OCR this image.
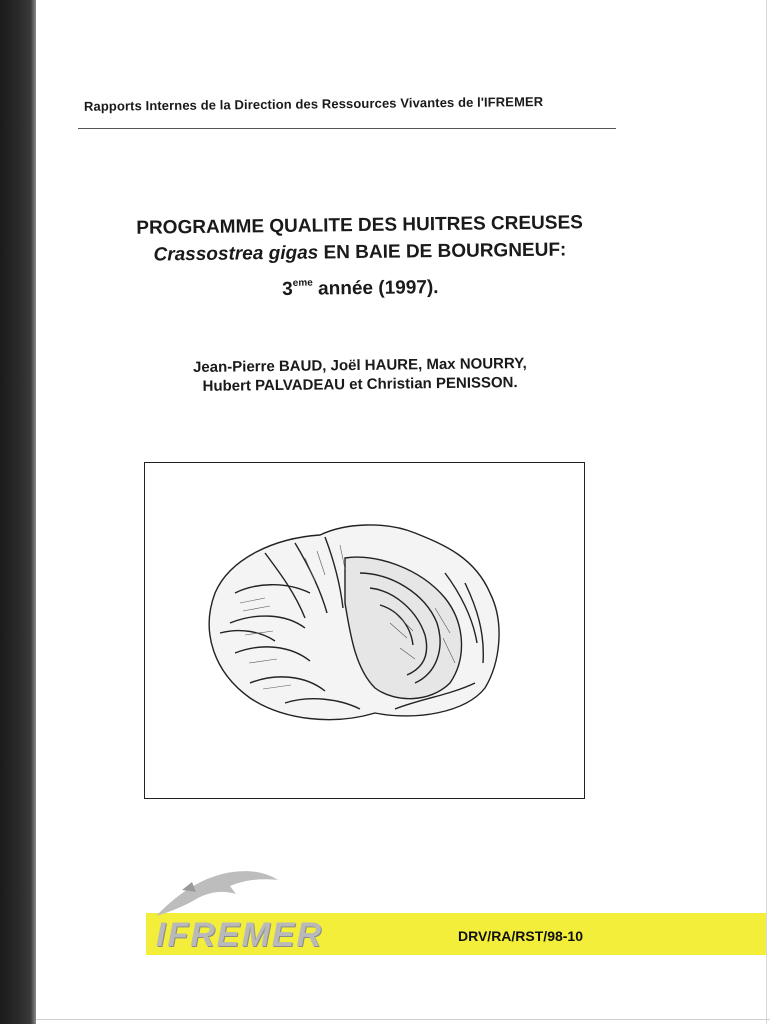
Rapports Internes de la Direction des Ressources Vivantes de l'IFREMER
PROGRAMME QUALITE DES HUITRES CREUSES
Crassostrea gigas EN BAIE DE BOURGNEUF:
3eme année (1997).
Jean-Pierre BAUD, Joël HAURE, Max NOURRY,
Hubert PALVADEAU et Christian PENISSON.
IFREMER	DRV/RA/RST/98-10
